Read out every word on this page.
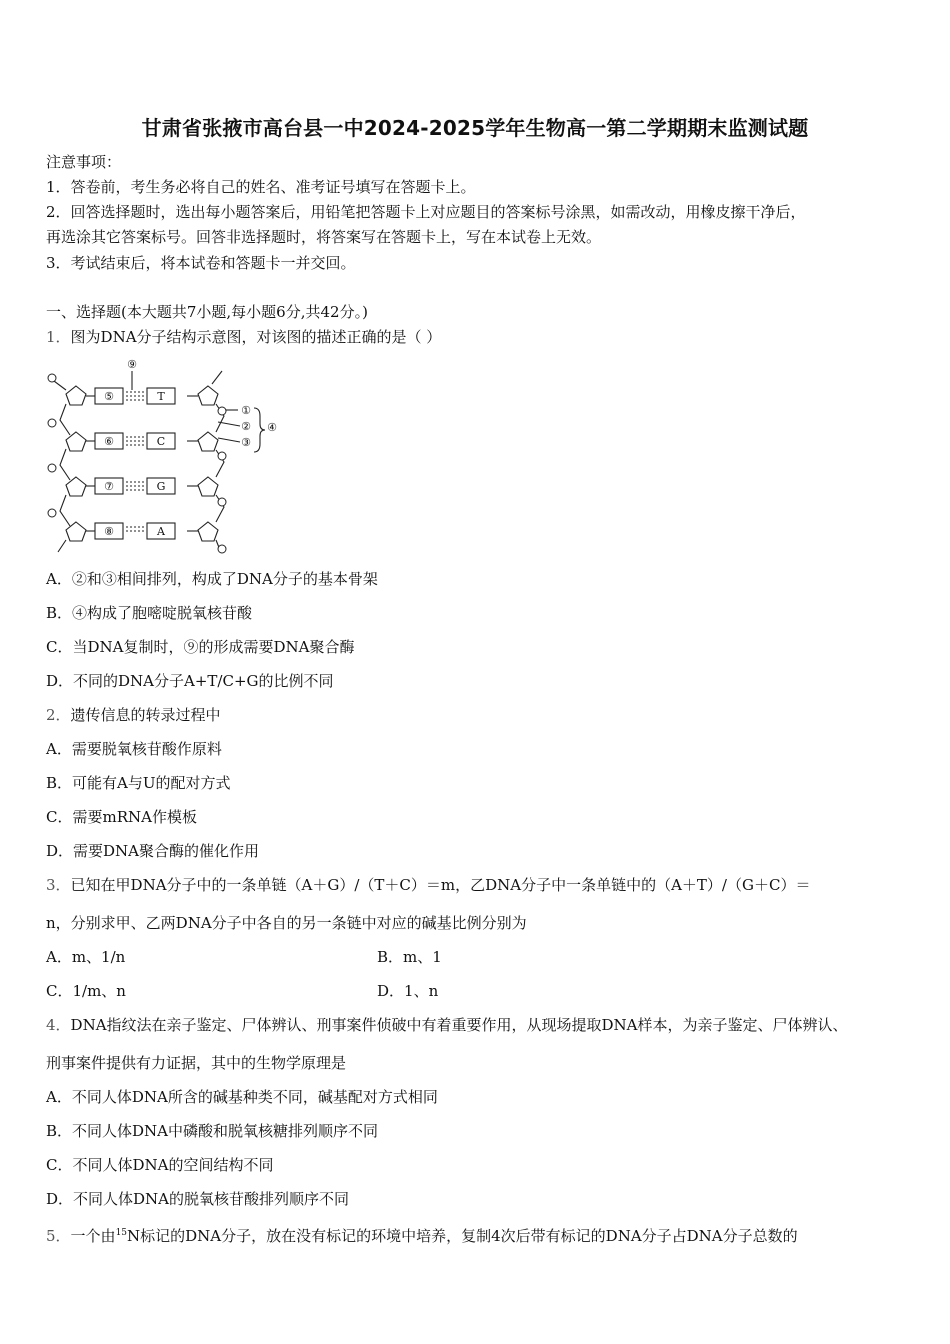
甘肃省张掖市高台县一中2024-2025学年生物高一第二学期期末监测试题
注意事项：
1．答卷前，考生务必将自己的姓名、准考证号填写在答题卡上。
2．回答选择题时，选出每小题答案后，用铅笔把答题卡上对应题目的答案标号涂黑，如需改动，用橡皮擦干净后，
再选涂其它答案标号。回答非选择题时，将答案写在答题卡上，写在本试卷上无效。
3．考试结束后，将本试卷和答题卡一并交回。
一、选择题(本大题共7小题,每小题6分,共42分。)
1．图为DNA分子结构示意图，对该图的描述正确的是（ ）
⑤
⑥
⑦
⑧
T
C
G
A
⑨
①
②
③
④
A．②和③相间排列，构成了DNA分子的基本骨架
B．④构成了胞嘧啶脱氧核苷酸
C．当DNA复制时，⑨的形成需要DNA聚合酶
D．不同的DNA分子A+T/C+G的比例不同
2．遗传信息的转录过程中
A．需要脱氧核苷酸作原料
B．可能有A与U的配对方式
C．需要mRNA作模板
D．需要DNA聚合酶的催化作用
3．已知在甲DNA分子中的一条单链（A＋G）/（T＋C）＝m，乙DNA分子中一条单链中的（A＋T）/（G＋C）＝
n，分别求甲、乙两DNA分子中各自的另一条链中对应的碱基比例分别为
A．m、1/n	B．m、1
C．1/m、n	D．1、n
4．DNA指纹法在亲子鉴定、尸体辨认、刑事案件侦破中有着重要作用，从现场提取DNA样本，为亲子鉴定、尸体辨认、
刑事案件提供有力证据，其中的生物学原理是
A．不同人体DNA所含的碱基种类不同，碱基配对方式相同
B．不同人体DNA中磷酸和脱氧核糖排列顺序不同
C．不同人体DNA的空间结构不同
D．不同人体DNA的脱氧核苷酸排列顺序不同
5．一个由$^{15}$N标记的DNA分子，放在没有标记的环境中培养，复制4次后带有标记的DNA分子占DNA分子总数的
